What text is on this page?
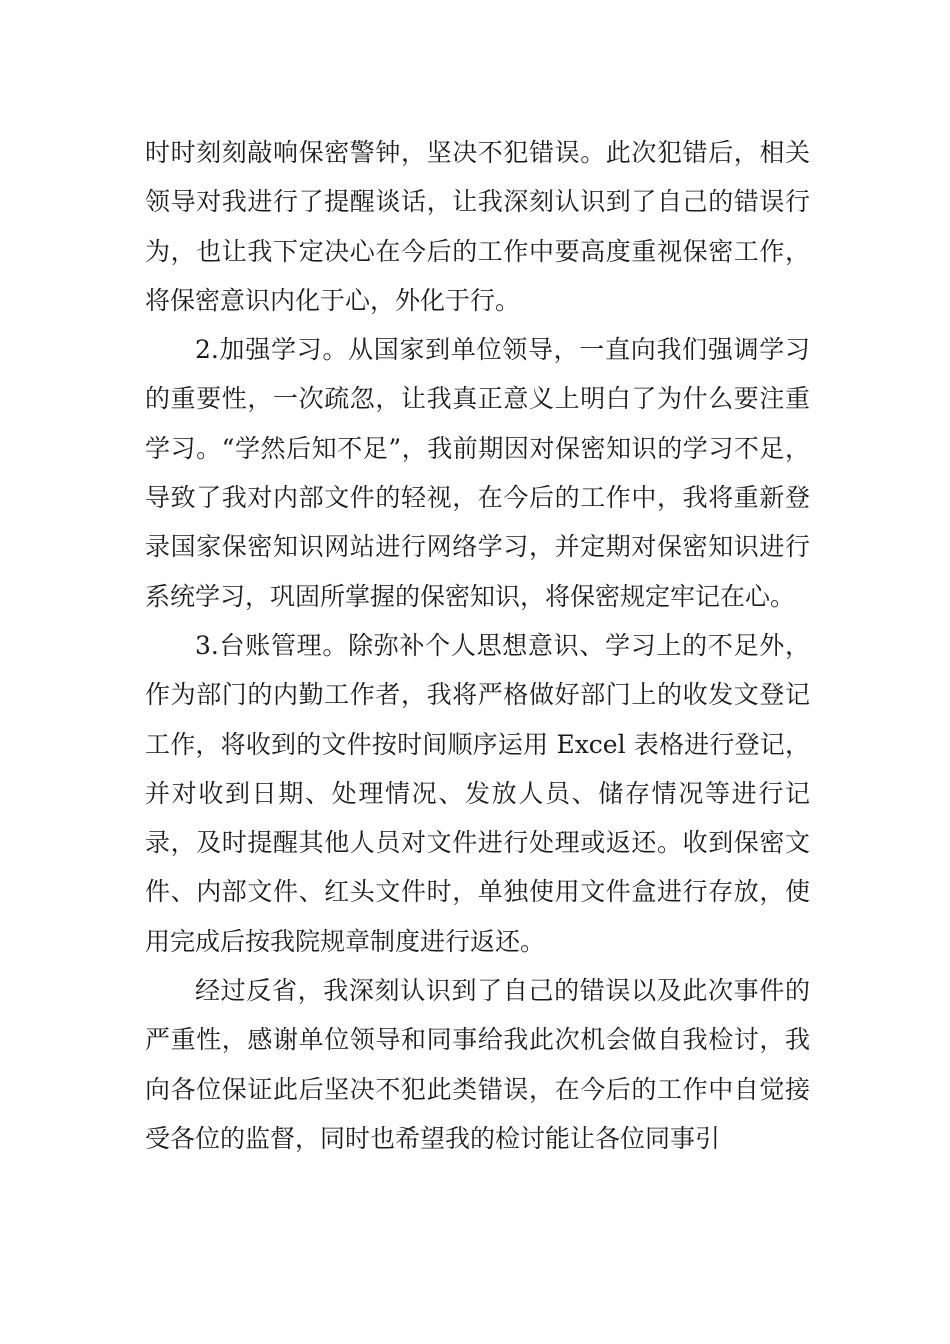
时时刻刻敲响保密警钟，坚决不犯错误。此次犯错后，相关领导对我进行了提醒谈话，让我深刻认识到了自己的错误行为，也让我下定决心在今后的工作中要高度重视保密工作，将保密意识内化于心，外化于行。

2.加强学习。从国家到单位领导，一直向我们强调学习的重要性，一次疏忽，让我真正意义上明白了为什么要注重学习。“学然后知不足”，我前期因对保密知识的学习不足，导致了我对内部文件的轻视，在今后的工作中，我将重新登录国家保密知识网站进行网络学习，并定期对保密知识进行系统学习，巩固所掌握的保密知识，将保密规定牢记在心。

3.台账管理。除弥补个人思想意识、学习上的不足外，作为部门的内勤工作者，我将严格做好部门上的收发文登记工作，将收到的文件按时间顺序运用 Excel 表格进行登记，并对收到日期、处理情况、发放人员、储存情况等进行记录，及时提醒其他人员对文件进行处理或返还。收到保密文件、内部文件、红头文件时，单独使用文件盒进行存放，使用完成后按我院规章制度进行返还。

经过反省，我深刻认识到了自己的错误以及此次事件的严重性，感谢单位领导和同事给我此次机会做自我检讨，我向各位保证此后坚决不犯此类错误，在今后的工作中自觉接受各位的监督，同时也希望我的检讨能让各位同事引
